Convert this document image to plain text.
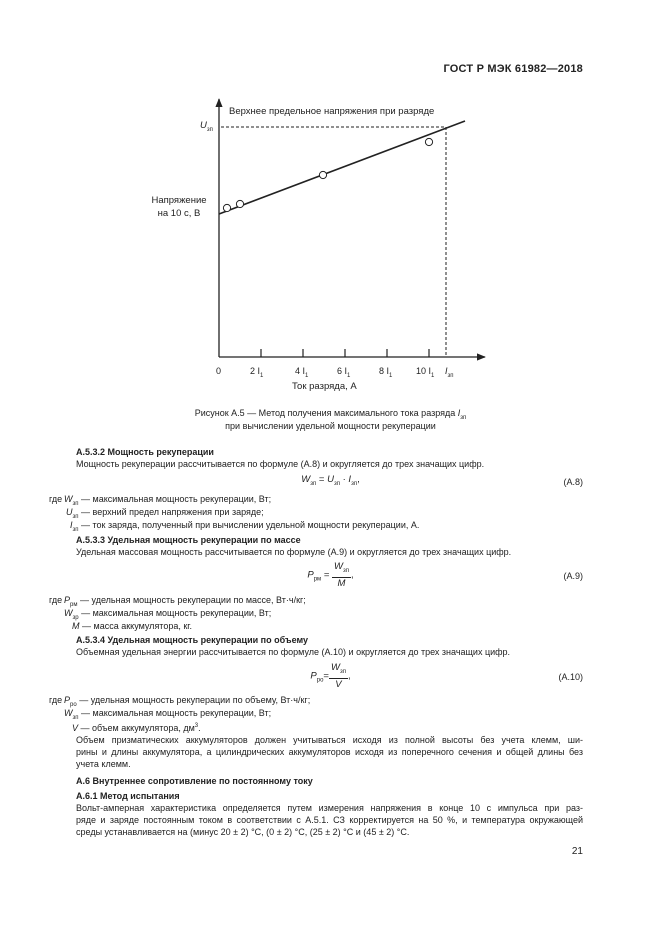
ГОСТ Р МЭК 61982—2018
Верхнее предельное напряжения при разряде
$U_{зп}$
Напряжение
на 10 с, В
0	2 $I_1$	4 $I_1$	6 $I_1$	8 $I_1$	10 $I_1$ $I_{зп}$
Ток разряда, А
Рисунок А.5 — Метод получения максимального тока разряда $I_{зп}$
при вычислении удельной мощности рекуперации
А.5.3.2 Мощность рекуперации
Мощность рекуперации рассчитывается по формуле (А.8) и округляется до трех значащих цифр.
$W_{зп} = U_{зп} \cdot I_{зп}$,	(А.8)
где $W_{зп}$ — максимальная мощность рекуперации, Вт;
$U_{зп}$ — верхний предел напряжения при заряде;
$I_{зп}$ — ток заряда, полученный при вычислении удельной мощности рекуперации, А.
А.5.3.3 Удельная мощность рекуперации по массе
Удельная массовая мощность рассчитывается по формуле (А.9) и округляется до трех значащих цифр.
$P_{рм} = \frac{W_{зп}}{M}$ ,	(А.9)
где $P_{рм}$ — удельная мощность рекуперации по массе, Вт·ч/кг;
$W_{зр}$ — максимальная мощность рекуперации, Вт;
M — масса аккумулятора, кг.
А.5.3.4 Удельная мощность рекуперации по объему
Объемная удельная энергии рассчитывается по формуле (А.10) и округляется до трех значащих цифр.
$P_{ро}= \frac{W_{зп}}{V}$ ,	(А.10)
где $P_{ро}$ — удельная мощность рекуперации по объему, Вт·ч/кг;
$W_{зп}$ — максимальная мощность рекуперации, Вт;
V — объем аккумулятора, $дм^3$.
Объем призматических аккумуляторов должен учитываться исходя из полной высоты без учета клемм, ши-
рины и длины аккумулятора, а цилиндрических аккумуляторов исходя из поперечного сечения и общей длины без
учета клемм.
А.6 Внутреннее сопротивление по постоянному току
А.6.1 Метод испытания
Вольт-амперная характеристика определяется путем измерения напряжения в конце 10 с импульса при раз-
ряде и заряде постоянным током в соответствии с А.5.1. СЗ корректируется на 50 %, и температура окружающей
среды устанавливается на (минус 20 ± 2) °С, (0 ± 2) °С, (25 ± 2) °С и (45 ± 2) °С.
21
